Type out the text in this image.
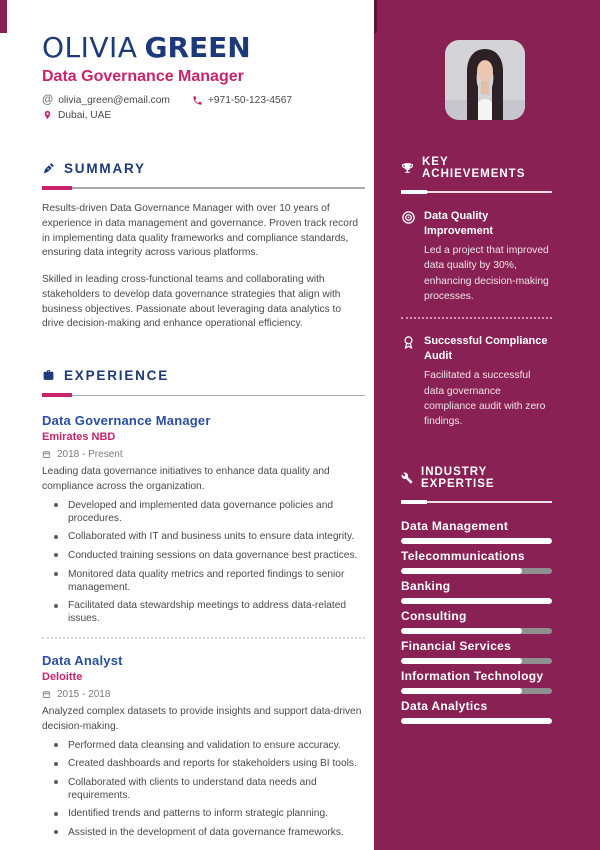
OLIVIA GREEN
Data Governance Manager
@ olivia_green@email.com	+971-50-123-4567
Dubai, UAE
SUMMARY

Results-driven Data Governance Manager with over 10 years of experience in data management and governance. Proven track record in implementing data quality frameworks and compliance standards, ensuring data integrity across various platforms.

Skilled in leading cross-functional teams and collaborating with stakeholders to develop data governance strategies that align with business objectives. Passionate about leveraging data analytics to drive decision-making and enhance operational efficiency.

EXPERIENCE
Data Governance Manager
Emirates NBD
2018 - Present

Leading data governance initiatives to enhance data quality and compliance across the organization.

Developed and implemented data governance policies and procedures.
Collaborated with IT and business units to ensure data integrity.
Conducted training sessions on data governance best practices.
Monitored data quality metrics and reported findings to senior management.
Facilitated data stewardship meetings to address data-related issues.
Data Analyst
Deloitte
2015 - 2018

Analyzed complex datasets to provide insights and support data-driven decision-making.

Performed data cleansing and validation to ensure accuracy.
Created dashboards and reports for stakeholders using BI tools.
Collaborated with clients to understand data needs and requirements.
Identified trends and patterns to inform strategic planning.
Assisted in the development of data governance frameworks.
KEY ACHIEVEMENTS
Data Quality Improvement

Led a project that improved data quality by 30%, enhancing decision-making processes.

Successful Compliance Audit

Facilitated a successful data governance compliance audit with zero findings.

INDUSTRY EXPERTISE
Data Management
Telecommunications
Banking
Consulting
Financial Services
Information Technology
Data Analytics
